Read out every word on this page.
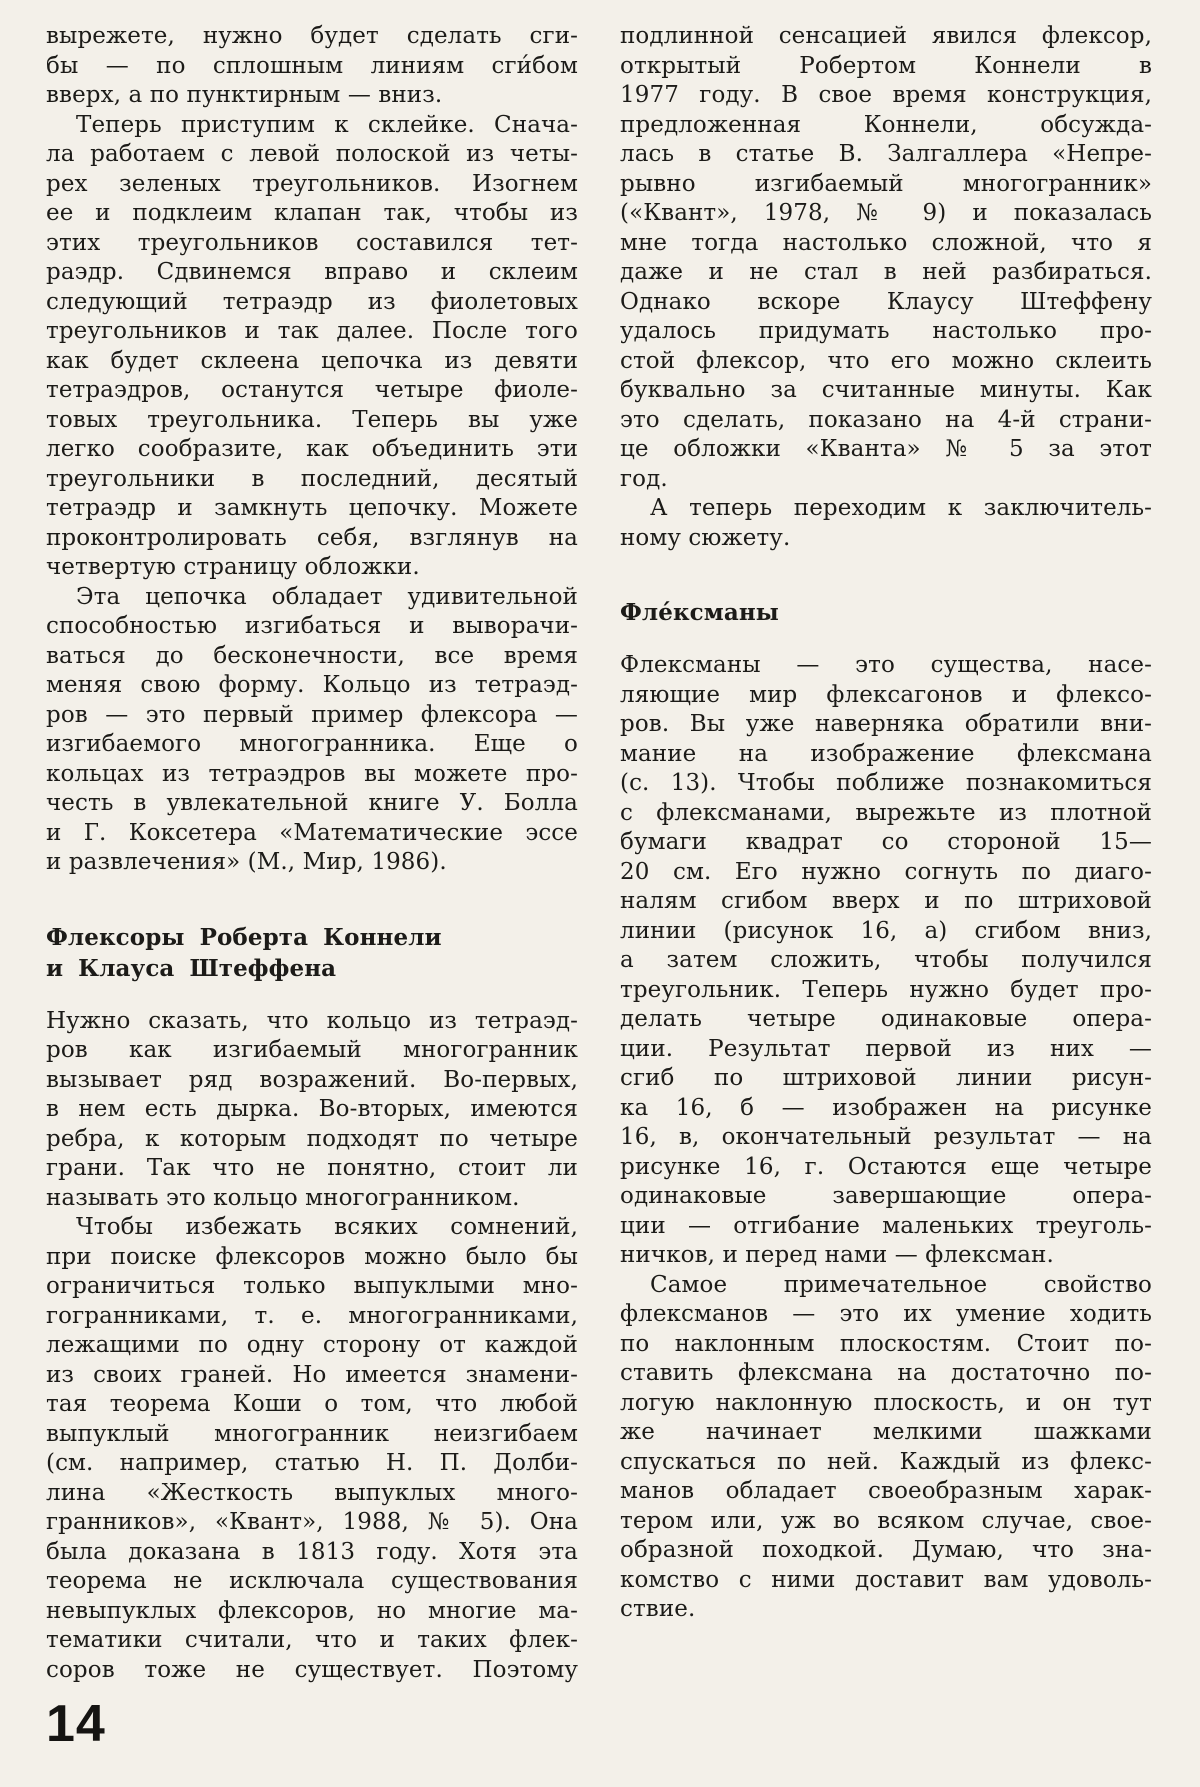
вырежете, нужно будет сделать сги-
бы — по сплошным линиям сги́бом
вверх, а по пунктирным — вниз.
Теперь приступим к склейке. Снача-
ла работаем с левой полоской из четы-
рех зеленых треугольников. Изогнем
ее и подклеим клапан так, чтобы из
этих треугольников составился тет-
раэдр. Сдвинемся вправо и склеим
следующий тетраэдр из фиолетовых
треугольников и так далее. После того
как будет склеена цепочка из девяти
тетраэдров, останутся четыре фиоле-
товых треугольника. Теперь вы уже
легко сообразите, как объединить эти
треугольники в последний, десятый
тетраэдр и замкнуть цепочку. Можете
проконтролировать себя, взглянув на
четвертую страницу обложки.
Эта цепочка обладает удивительной
способностью изгибаться и выворачи-
ваться до бесконечности, все время
меняя свою форму. Кольцо из тетраэд-
ров — это первый пример флексора —
изгибаемого многогранника. Еще о
кольцах из тетраэдров вы можете про-
честь в увлекательной книге У. Болла
и Г. Коксетера «Математические эссе
и развлечения» (М., Мир, 1986).
Флексоры Роберта Коннели
и Клауса Штеффена
Нужно сказать, что кольцо из тетраэд-
ров как изгибаемый многогранник
вызывает ряд возражений. Во-первых,
в нем есть дырка. Во-вторых, имеются
ребра, к которым подходят по четыре
грани. Так что не понятно, стоит ли
называть это кольцо многогранником.
Чтобы избежать всяких сомнений,
при поиске флексоров можно было бы
ограничиться только выпуклыми мно-
гогранниками, т. е. многогранниками,
лежащими по одну сторону от каждой
из своих граней. Но имеется знамени-
тая теорема Коши о том, что любой
выпуклый многогранник неизгибаем
(см. например, статью Н. П. Долби-
лина «Жесткость выпуклых много-
гранников», «Квант», 1988, № 5). Она
была доказана в 1813 году. Хотя эта
теорема не исключала существования
невыпуклых флексоров, но многие ма-
тематики считали, что и таких флек-
соров тоже не существует. Поэтому
подлинной сенсацией явился флексор,
открытый Робертом Коннели в
1977 году. В свое время конструкция,
предложенная Коннели, обсужда-
лась в статье В. Залгаллера «Непре-
рывно изгибаемый многогранник»
(«Квант», 1978, № 9) и показалась
мне тогда настолько сложной, что я
даже и не стал в ней разбираться.
Однако вскоре Клаусу Штеффену
удалось придумать настолько про-
стой флексор, что его можно склеить
буквально за считанные минуты. Как
это сделать, показано на 4-й страни-
це обложки «Кванта» № 5 за этот
год.
А теперь переходим к заключитель-
ному сюжету.
Фле́ксманы
Флексманы — это существа, насе-
ляющие мир флексагонов и флексо-
ров. Вы уже наверняка обратили вни-
мание на изображение флексмана
(с. 13). Чтобы поближе познакомиться
с флексманами, вырежьте из плотной
бумаги квадрат со стороной 15—
20 см. Его нужно согнуть по диаго-
налям сгибом вверх и по штриховой
линии (рисунок 16, а) сгибом вниз,
а затем сложить, чтобы получился
треугольник. Теперь нужно будет про-
делать четыре одинаковые опера-
ции. Результат первой из них —
сгиб по штриховой линии рисун-
ка 16, б — изображен на рисунке
16, в, окончательный результат — на
рисунке 16, г. Остаются еще четыре
одинаковые завершающие опера-
ции — отгибание маленьких треуголь-
ничков, и перед нами — флексман.
Самое примечательное свойство
флексманов — это их умение ходить
по наклонным плоскостям. Стоит по-
ставить флексмана на достаточно по-
логую наклонную плоскость, и он тут
же начинает мелкими шажками
спускаться по ней. Каждый из флекс-
манов обладает своеобразным харак-
тером или, уж во всяком случае, свое-
образной походкой. Думаю, что зна-
комство с ними доставит вам удоволь-
ствие.
14
